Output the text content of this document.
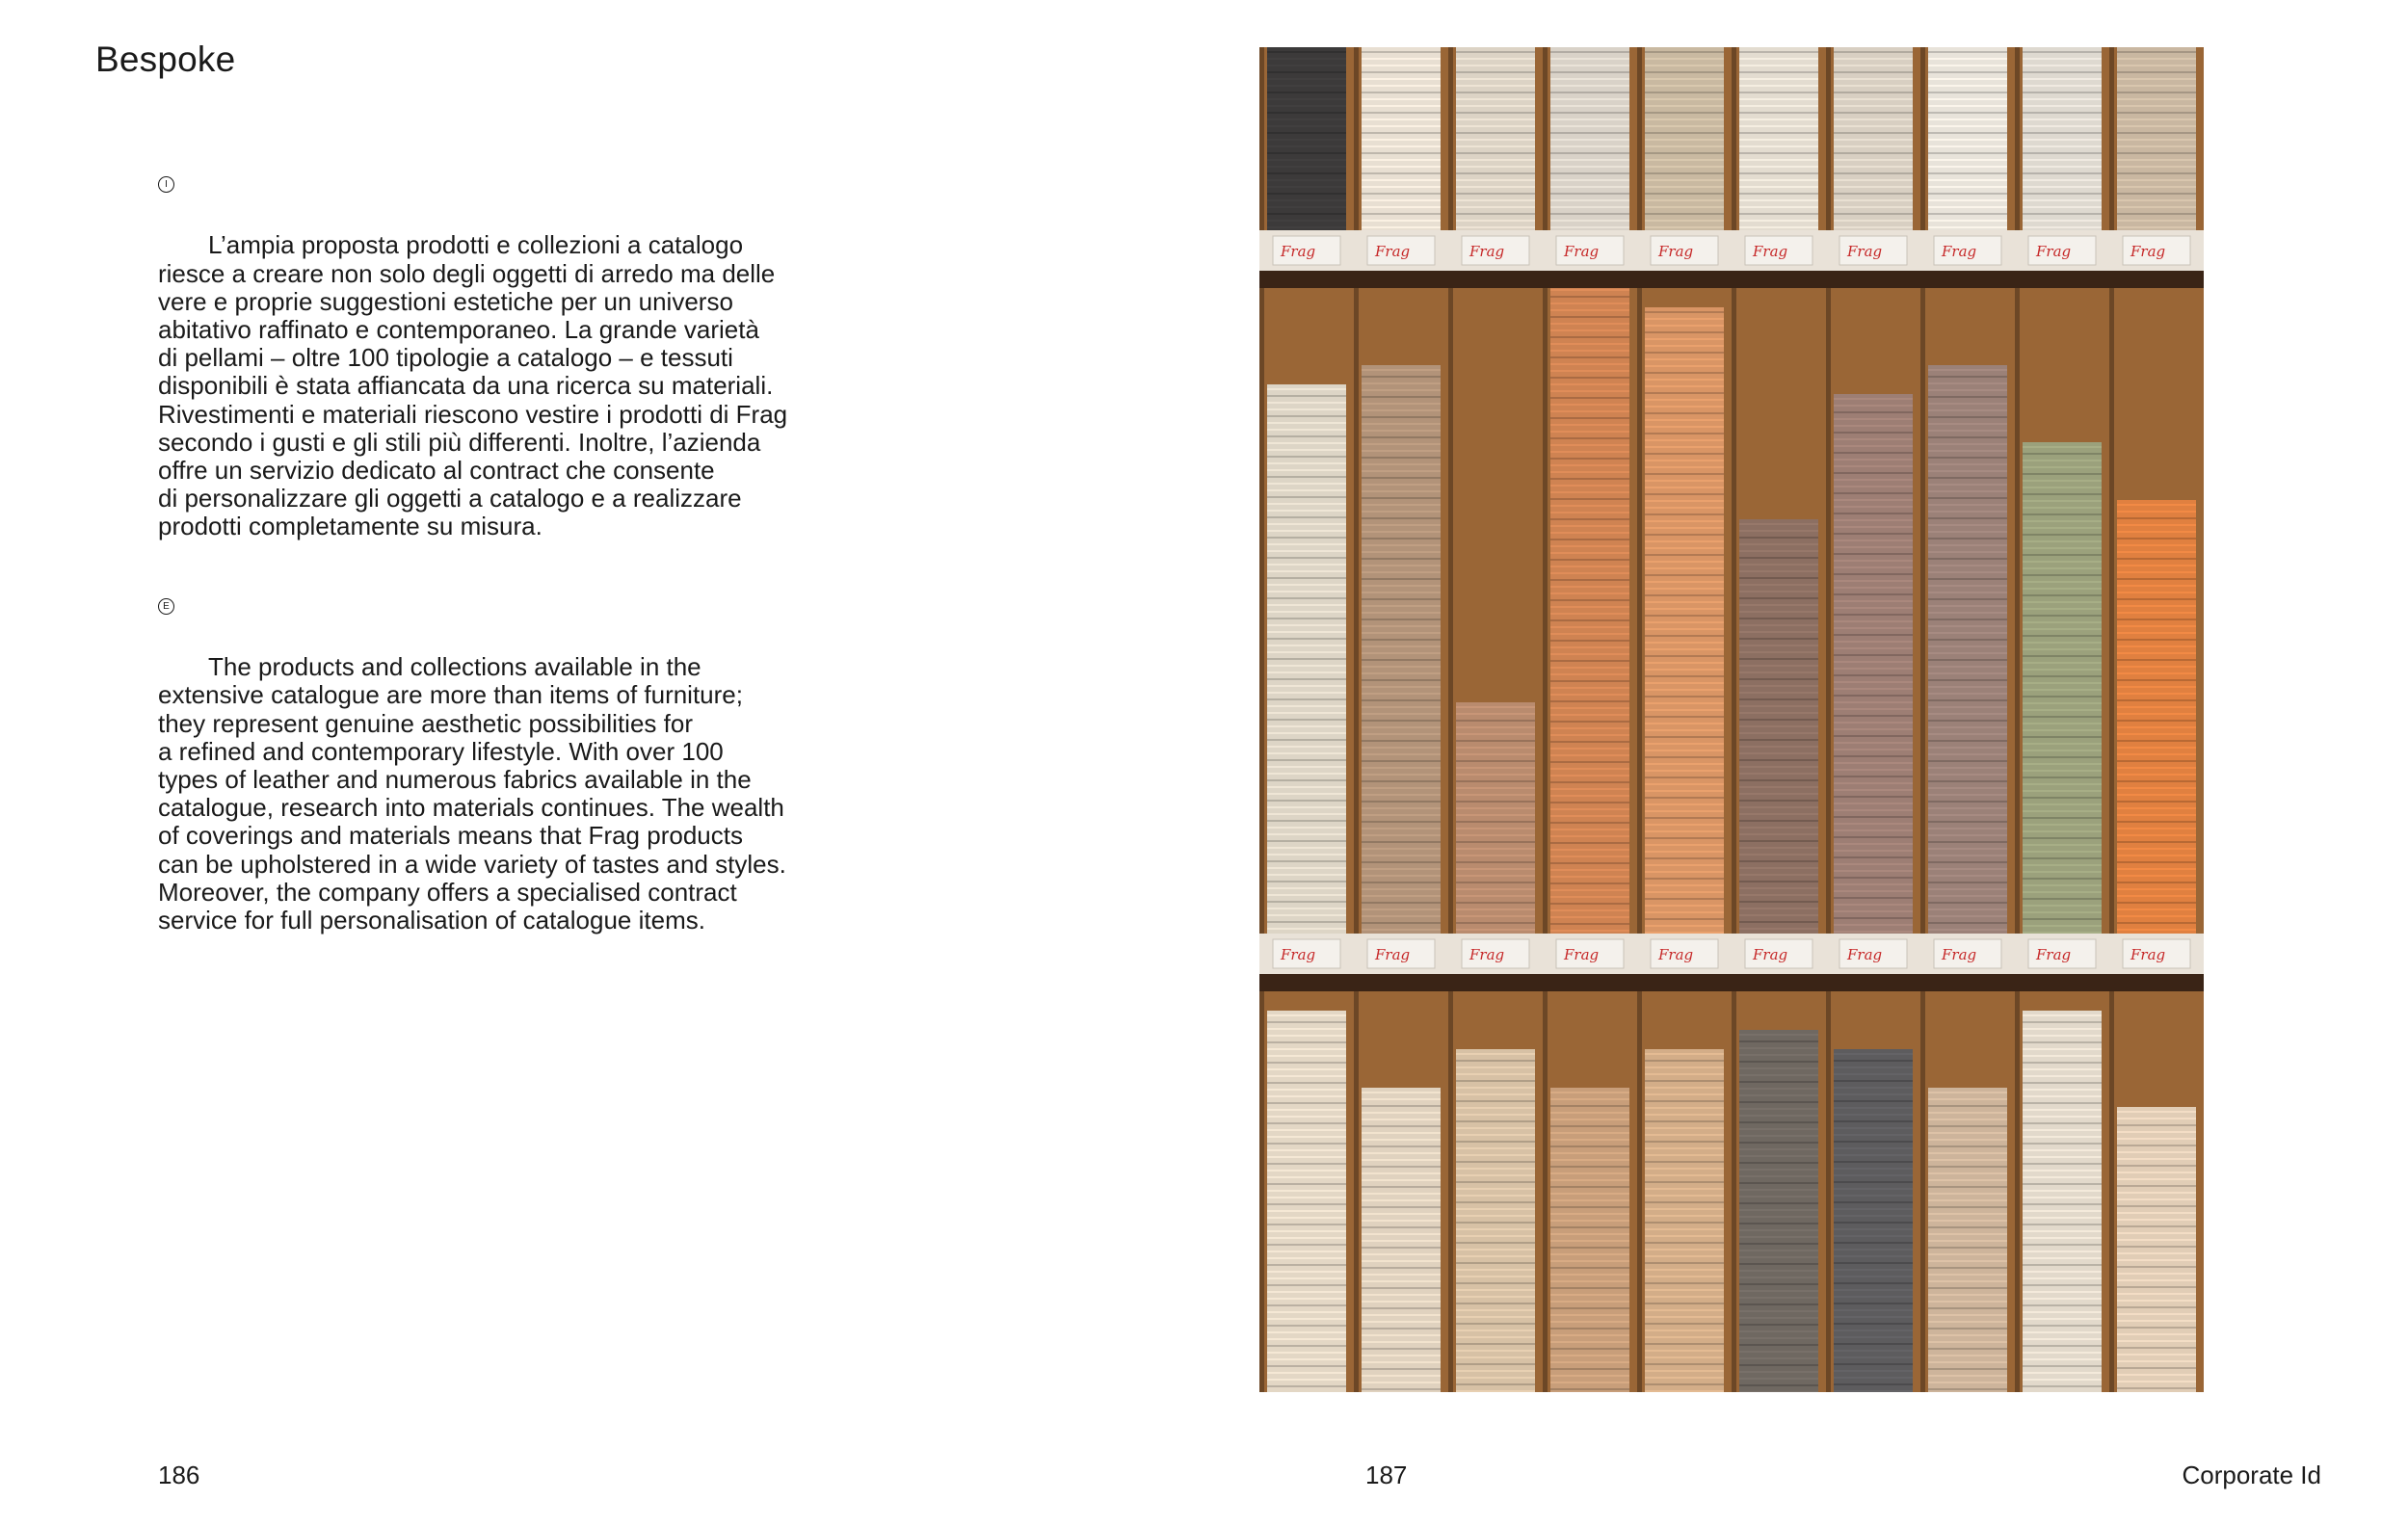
Bespoke

I

  L’ampia proposta prodotti e collezioni a catalogo
riesce a creare non solo degli oggetti di arredo ma delle
vere e proprie suggestioni estetiche per un universo
abitativo raffinato e contemporaneo. La grande varietà
di pellami – oltre 100 tipologie a catalogo – e tessuti
disponibili è stata affiancata da una ricerca su materiali.
Rivestimenti e materiali riescono vestire i prodotti di Frag
secondo i gusti e gli stili più differenti. Inoltre, l’azienda
offre un servizio dedicato al contract che consente
di personalizzare gli oggetti a catalogo e a realizzare
prodotti completamente su misura.

E

  The products and collections available in the
extensive catalogue are more than items of furniture;
they represent genuine aesthetic possibilities for
a refined and contemporary lifestyle. With over 100
types of leather and numerous fabrics available in the
catalogue, research into materials continues. The wealth
of coverings and materials means that Frag products
can be upholstered in a wide variety of tastes and styles.
Moreover, the company offers a specialised contract
service for full personalisation of catalogue items.

Frag	Frag	Frag	Frag	Frag	Frag	Frag	Frag	Frag	Frag
Frag	Frag	Frag	Frag	Frag	Frag	Frag	Frag	Frag	Frag
186	187	Corporate Id
